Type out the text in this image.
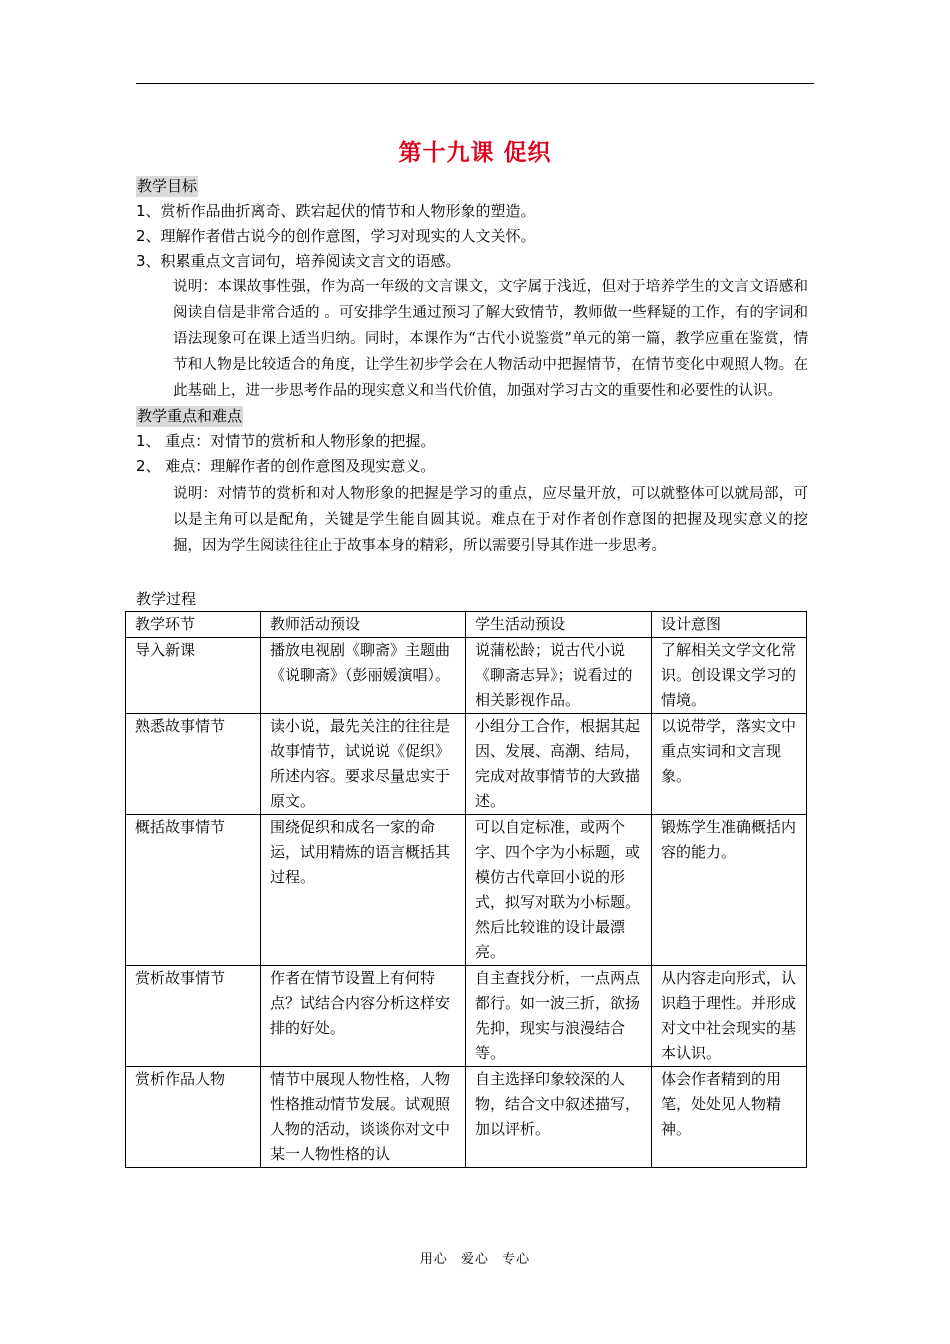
第十九课 促织
教学目标

1、赏析作品曲折离奇、跌宕起伏的情节和人物形象的塑造。

2、理解作者借古说今的创作意图，学习对现实的人文关怀。

3、积累重点文言词句，培养阅读文言文的语感。

说明：本课故事性强，作为高一年级的文言课文，文字属于浅近，但对于培养学生的文言文语感和阅读自信是非常合适的 。可安排学生通过预习了解大致情节，教师做一些释疑的工作，有的字词和语法现象可在课上适当归纳。同时，本课作为“古代小说鉴赏”单元的第一篇，教学应重在鉴赏，情节和人物是比较适合的角度，让学生初步学会在人物活动中把握情节，在情节变化中观照人物。在此基础上，进一步思考作品的现实意义和当代价值，加强对学习古文的重要性和必要性的认识。
教学重点和难点

1、 重点：对情节的赏析和人物形象的把握。

2、 难点：理解作者的创作意图及现实意义。

说明：对情节的赏析和对人物形象的把握是学习的重点，应尽量开放，可以就整体可以就局部，可以是主角可以是配角，关键是学生能自圆其说。难点在于对作者创作意图的把握及现实意义的挖掘，因为学生阅读往往止于故事本身的精彩，所以需要引导其作进一步思考。
教学过程
教学环节	教师活动预设	学生活动预设	设计意图
导入新课	播放电视剧《聊斋》主题曲《说聊斋》（彭丽媛演唱）。	说蒲松龄；说古代小说《聊斋志异》；说看过的相关影视作品。	了解相关文学文化常识。创设课文学习的情境。
熟悉故事情节	读小说，最先关注的往往是故事情节，试说说《促织》所述内容。要求尽量忠实于原文。	小组分工合作，根据其起因、发展、高潮、结局，完成对故事情节的大致描述。	以说带学，落实文中重点实词和文言现象。
概括故事情节	围绕促织和成名一家的命运，试用精炼的语言概括其过程。	可以自定标准，或两个字、四个字为小标题，或模仿古代章回小说的形式，拟写对联为小标题。然后比较谁的设计最漂亮。	锻炼学生准确概括内容的能力。
赏析故事情节	作者在情节设置上有何特点？试结合内容分析这样安排的好处。	自主查找分析，一点两点都行。如一波三折，欲扬先抑，现实与浪漫结合等。	从内容走向形式，认识趋于理性。并形成对文中社会现实的基本认识。
赏析作品人物	情节中展现人物性格，人物性格推动情节发展。试观照人物的活动，谈谈你对文中某一人物性格的认	自主选择印象较深的人物，结合文中叙述描写，加以评析。	体会作者精到的用笔，处处见人物精神。
用心 爱心 专心
